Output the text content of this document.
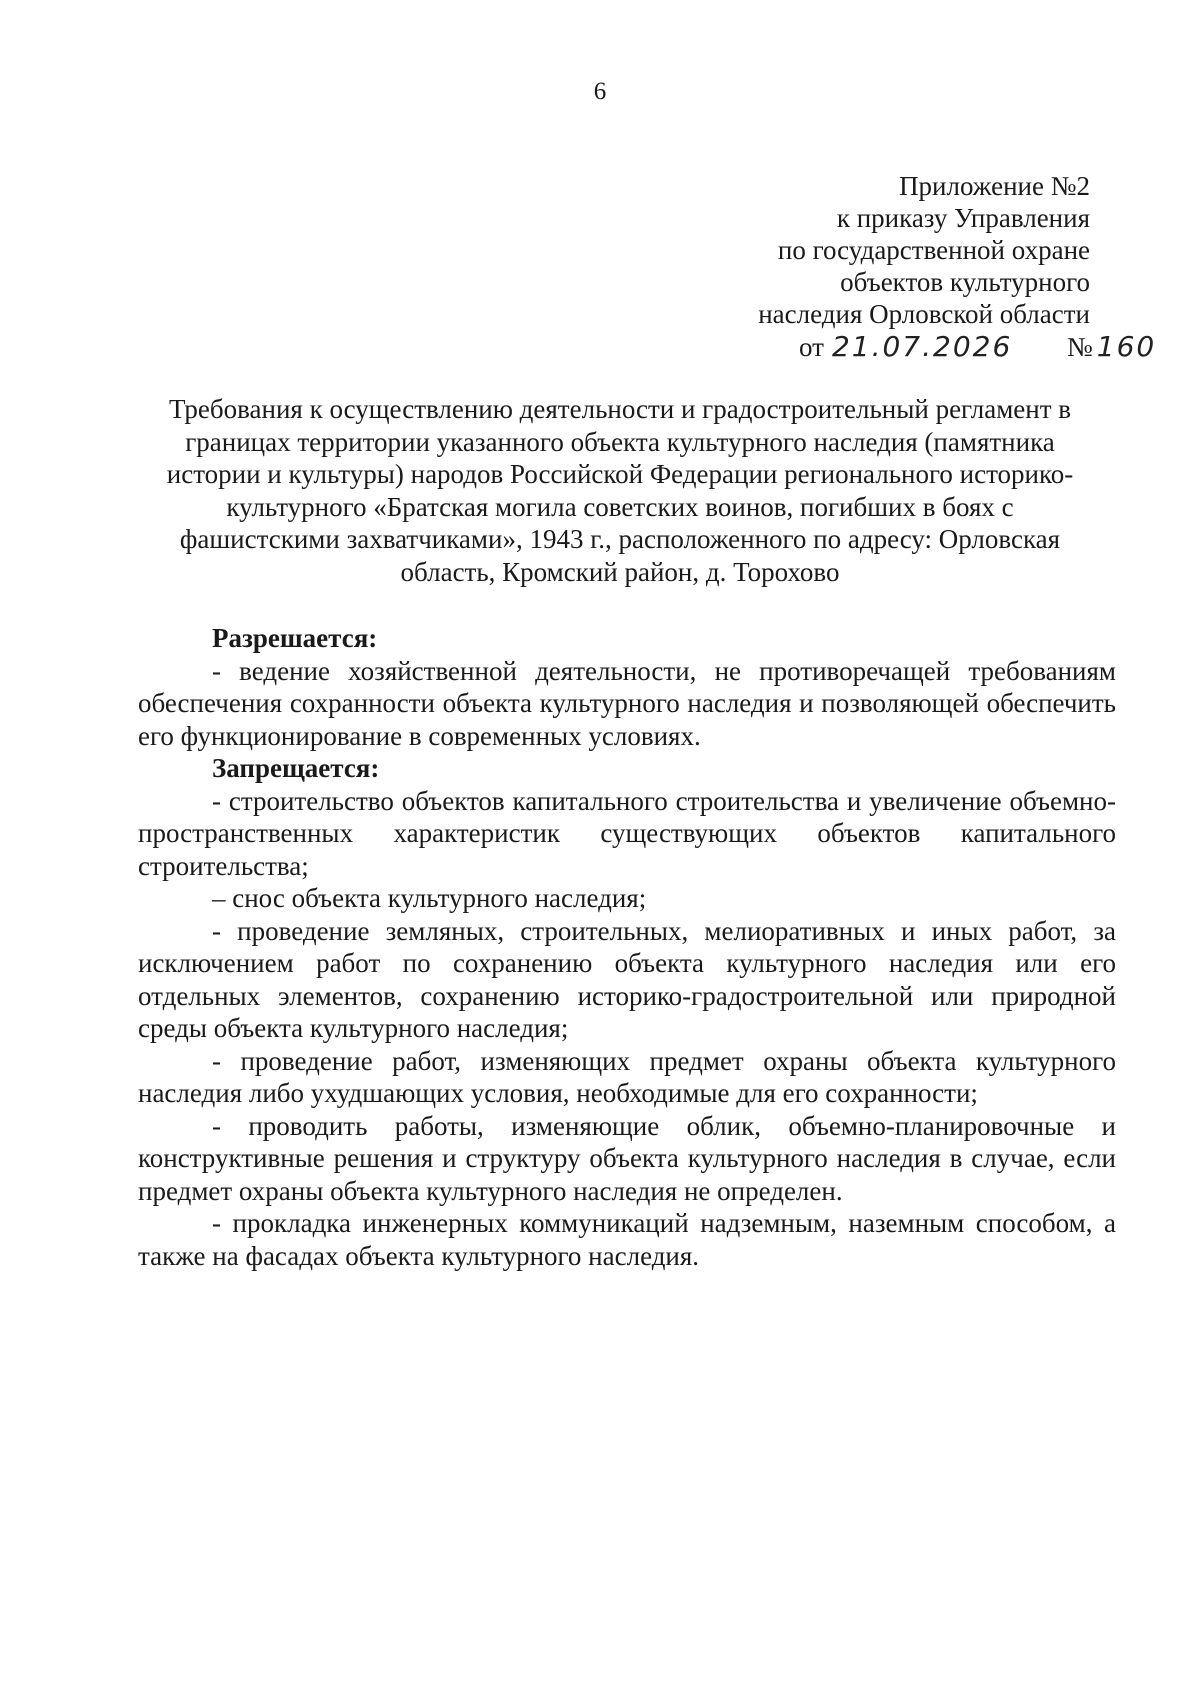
6
Приложение №2
к приказу Управления
по государственной охране
объектов культурного
наследия Орловской области
от 21.07.2026 № 160
Требования к осуществлению деятельности и градостроительный регламент в
границах территории указанного объекта культурного наследия (памятника
истории и культуры) народов Российской Федерации регионального историко-
культурного «Братская могила советских воинов, погибших в боях с
фашистскими захватчиками», 1943 г., расположенного по адресу: Орловская
область, Кромский район, д. Торохово

Разрешается:

- ведение хозяйственной деятельности, не противоречащей требованиям обеспечения сохранности объекта культурного наследия и позволяющей обеспечить его функционирование в современных условиях.

Запрещается:

- строительство объектов капитального строительства и увеличение объемно-пространственных характеристик существующих объектов капитального строительства;

– снос объекта культурного наследия;

- проведение земляных, строительных, мелиоративных и иных работ, за исключением работ по сохранению объекта культурного наследия или его отдельных элементов, сохранению историко-градостроительной или природной среды объекта культурного наследия;

- проведение работ, изменяющих предмет охраны объекта культурного наследия либо ухудшающих условия, необходимые для его сохранности;

- проводить работы, изменяющие облик, объемно-планировочные и конструктивные решения и структуру объекта культурного наследия в случае, если предмет охраны объекта культурного наследия не определен.

- прокладка инженерных коммуникаций надземным, наземным способом, а также на фасадах объекта культурного наследия.
